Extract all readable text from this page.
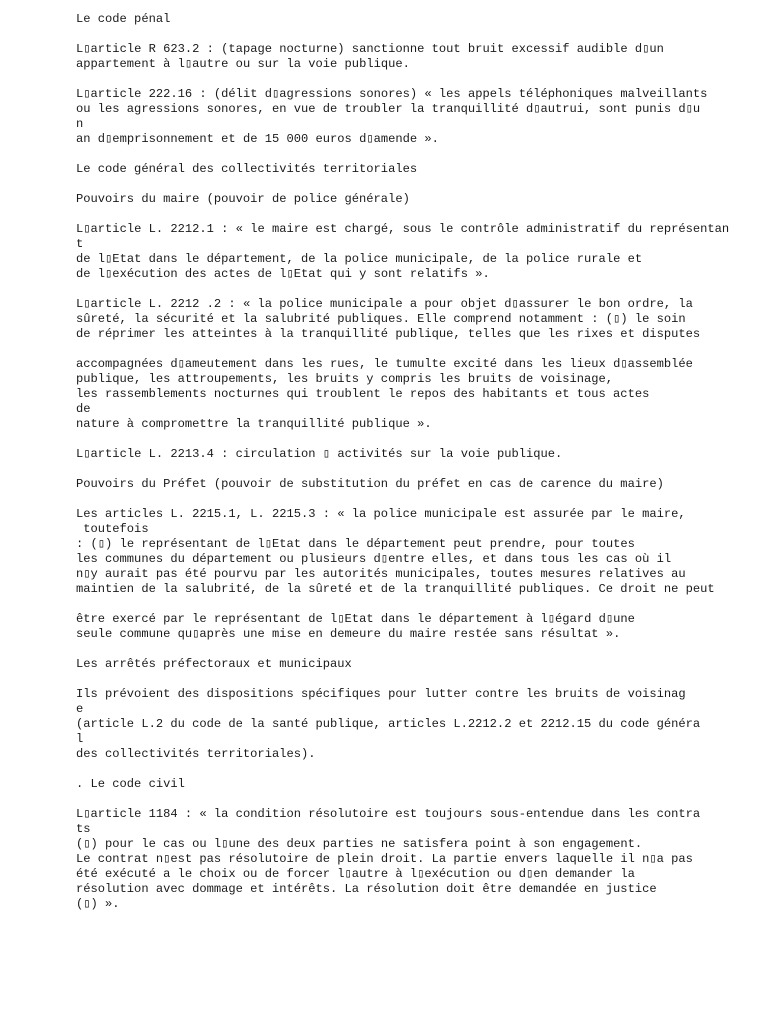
Le code pénal
L▯article R 623.2 : (tapage nocturne) sanctionne tout bruit excessif audible d▯un
appartement à l▯autre ou sur la voie publique.
L▯article 222.16 : (délit d▯agressions sonores) « les appels téléphoniques malveillants
ou les agressions sonores, en vue de troubler la tranquillité d▯autrui, sont punis d▯u
n
an d▯emprisonnement et de 15 000 euros d▯amende ».
Le code général des collectivités territoriales
Pouvoirs du maire (pouvoir de police générale)
L▯article L. 2212.1 : « le maire est chargé, sous le contrôle administratif du représentan
t
de l▯Etat dans le département, de la police municipale, de la police rurale et
de l▯exécution des actes de l▯Etat qui y sont relatifs ».
L▯article L. 2212 .2 : « la police municipale a pour objet d▯assurer le bon ordre, la
sûreté, la sécurité et la salubrité publiques. Elle comprend notamment : (▯) le soin
de réprimer les atteintes à la tranquillité publique, telles que les rixes et disputes
accompagnées d▯ameutement dans les rues, le tumulte excité dans les lieux d▯assemblée
publique, les attroupements, les bruits y compris les bruits de voisinage,
les rassemblements nocturnes qui troublent le repos des habitants et tous actes
de
nature à compromettre la tranquillité publique ».
L▯article L. 2213.4 : circulation ▯ activités sur la voie publique.
Pouvoirs du Préfet (pouvoir de substitution du préfet en cas de carence du maire)
Les articles L. 2215.1, L. 2215.3 : « la police municipale est assurée par le maire,
toutefois
: (▯) le représentant de l▯Etat dans le département peut prendre, pour toutes
les communes du département ou plusieurs d▯entre elles, et dans tous les cas où il
n▯y aurait pas été pourvu par les autorités municipales, toutes mesures relatives au
maintien de la salubrité, de la sûreté et de la tranquillité publiques. Ce droit ne peut
être exercé par le représentant de l▯Etat dans le département à l▯égard d▯une
seule commune qu▯après une mise en demeure du maire restée sans résultat ».
Les arrêtés préfectoraux et municipaux
Ils prévoient des dispositions spécifiques pour lutter contre les bruits de voisinag
e
(article L.2 du code de la santé publique, articles L.2212.2 et 2212.15 du code généra
l
des collectivités territoriales).
. Le code civil
L▯article 1184 : « la condition résolutoire est toujours sous-entendue dans les contra
ts
(▯) pour le cas ou l▯une des deux parties ne satisfera point à son engagement.
Le contrat n▯est pas résolutoire de plein droit. La partie envers laquelle il n▯a pas
été exécuté a le choix ou de forcer l▯autre à l▯exécution ou d▯en demander la
résolution avec dommage et intérêts. La résolution doit être demandée en justice
(▯) ».
